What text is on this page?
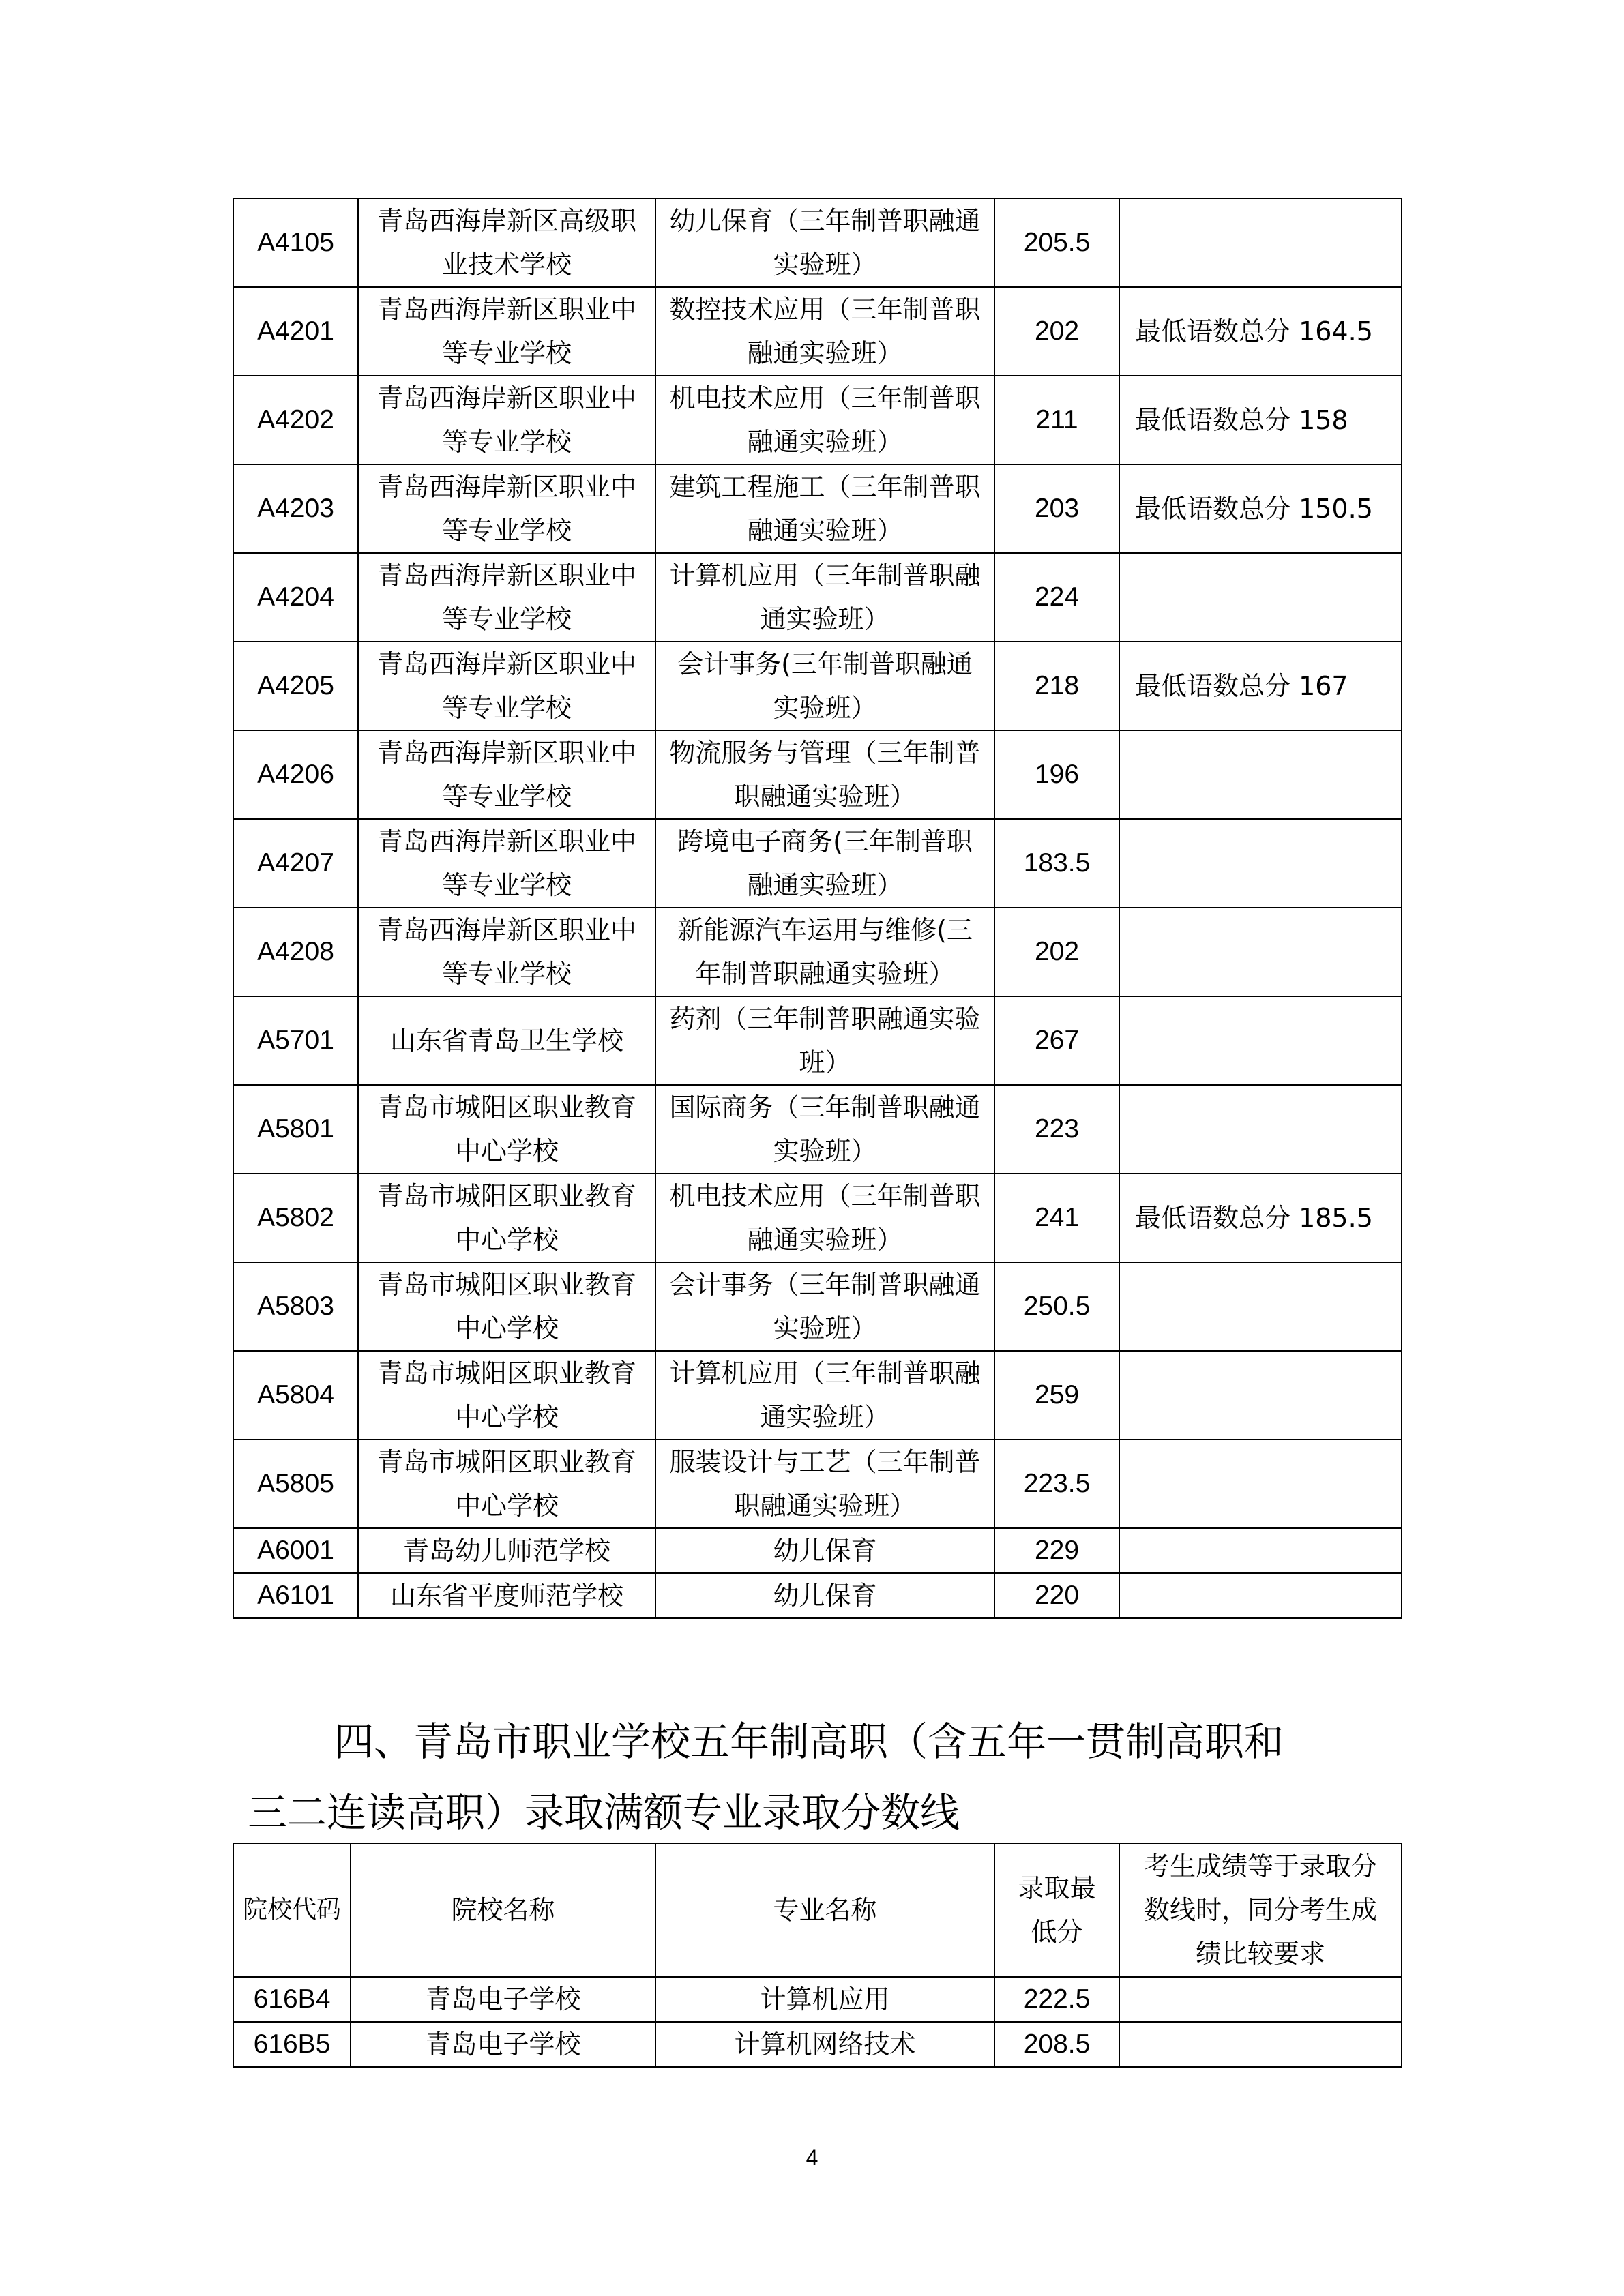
A4105	青岛西海岸新区高级职业技术学校	幼儿保育（三年制普职融通实验班）	205.5	
A4201	青岛西海岸新区职业中等专业学校	数控技术应用（三年制普职融通实验班）	202	最低语数总分 164.5
A4202	青岛西海岸新区职业中等专业学校	机电技术应用（三年制普职融通实验班）	211	最低语数总分 158
A4203	青岛西海岸新区职业中等专业学校	建筑工程施工（三年制普职融通实验班）	203	最低语数总分 150.5
A4204	青岛西海岸新区职业中等专业学校	计算机应用（三年制普职融通实验班）	224	
A4205	青岛西海岸新区职业中等专业学校	会计事务(三年制普职融通实验班）	218	最低语数总分 167
A4206	青岛西海岸新区职业中等专业学校	物流服务与管理（三年制普职融通实验班）	196	
A4207	青岛西海岸新区职业中等专业学校	跨境电子商务(三年制普职融通实验班）	183.5	
A4208	青岛西海岸新区职业中等专业学校	新能源汽车运用与维修(三年制普职融通实验班）	202	
A5701	山东省青岛卫生学校	药剂（三年制普职融通实验班）	267	
A5801	青岛市城阳区职业教育中心学校	国际商务（三年制普职融通实验班）	223	
A5802	青岛市城阳区职业教育中心学校	机电技术应用（三年制普职融通实验班）	241	最低语数总分 185.5
A5803	青岛市城阳区职业教育中心学校	会计事务（三年制普职融通实验班）	250.5	
A5804	青岛市城阳区职业教育中心学校	计算机应用（三年制普职融通实验班）	259	
A5805	青岛市城阳区职业教育中心学校	服装设计与工艺（三年制普职融通实验班）	223.5	
A6001	青岛幼儿师范学校	幼儿保育	229	
A6101	山东省平度师范学校	幼儿保育	220	
四、青岛市职业学校五年制高职（含五年一贯制高职和
三二连读高职）录取满额专业录取分数线
院校代码	院校名称	专业名称	录取最低分	考生成绩等于录取分数线时，同分考生成绩比较要求
616B4	青岛电子学校	计算机应用	222.5	
616B5	青岛电子学校	计算机网络技术	208.5	
4
